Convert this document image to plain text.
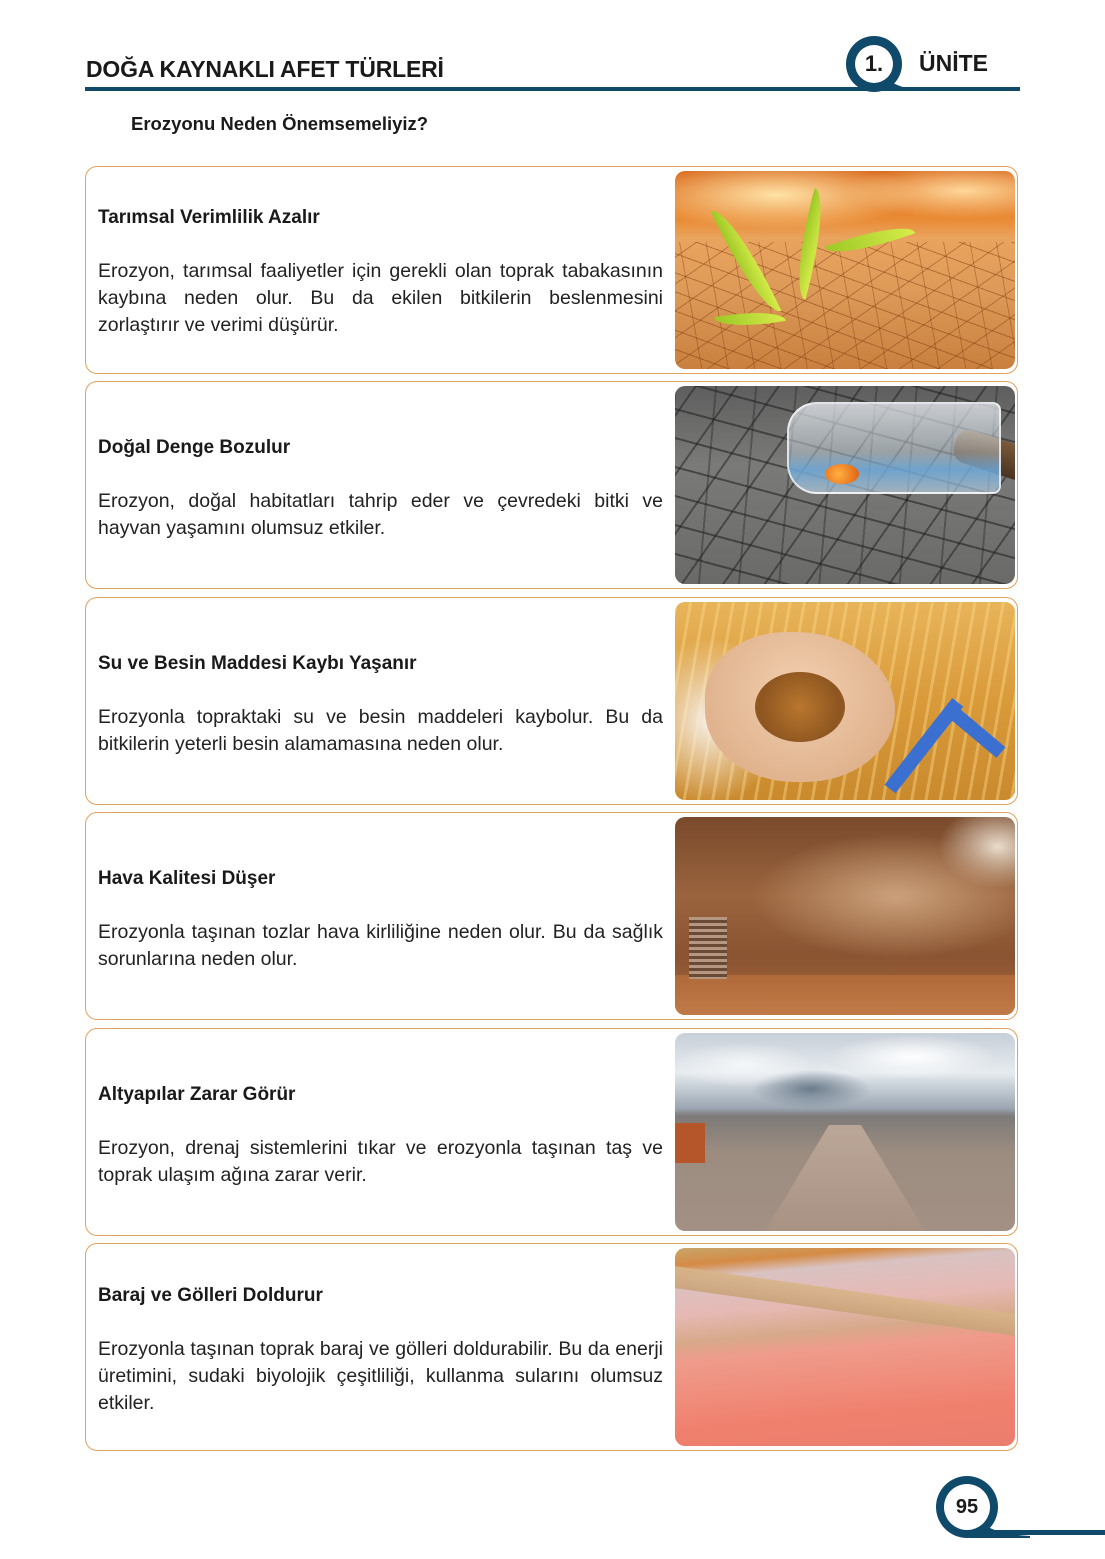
DOĞA KAYNAKLI AFET TÜRLERİ	1.	ÜNİTE
Erozyonu Neden Önemsemeliyiz?
Tarımsal Verimlilik Azalır
Erozyon, tarımsal faaliyetler için gerekli olan toprak tabakasının kaybına neden olur. Bu da ekilen bitkilerin beslenmesini zorlaştırır ve verimi düşürür.
Doğal Denge Bozulur
Erozyon, doğal habitatları tahrip eder ve çevredeki bitki ve hayvan yaşamını olumsuz etkiler.
Su ve Besin Maddesi Kaybı Yaşanır
Erozyonla topraktaki su ve besin maddeleri kaybolur. Bu da bitkilerin yeterli besin alamamasına neden olur.
Hava Kalitesi Düşer
Erozyonla taşınan tozlar hava kirliliğine neden olur. Bu da sağlık sorunlarına neden olur.
Altyapılar Zarar Görür
Erozyon, drenaj sistemlerini tıkar ve erozyonla taşınan taş ve toprak ulaşım ağına zarar verir.
Baraj ve Gölleri Doldurur
Erozyonla taşınan toprak baraj ve gölleri doldurabilir. Bu da enerji üretimini, sudaki biyolojik çeşitliliği, kullanma sularını olumsuz etkiler.
95
